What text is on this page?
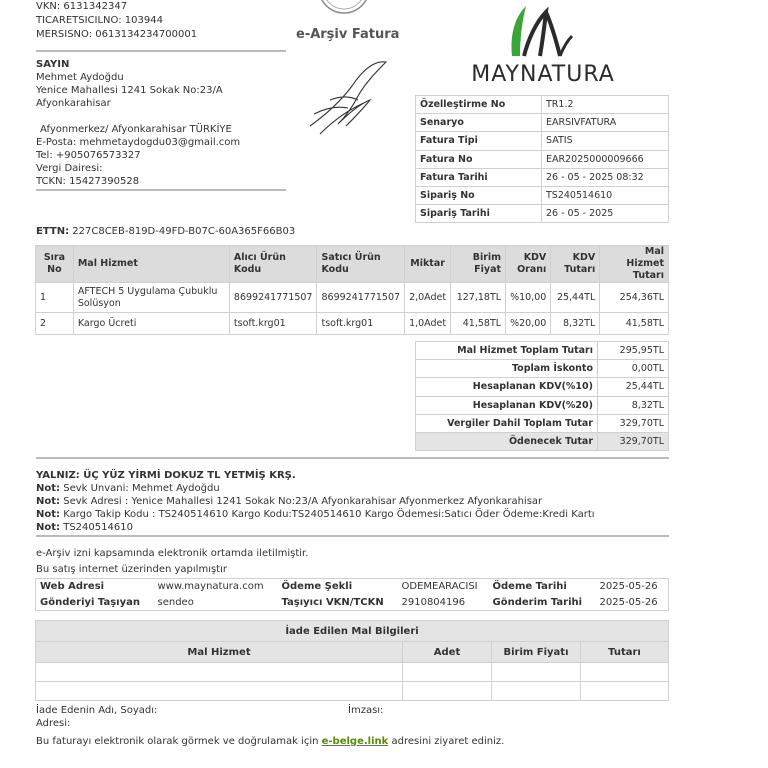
VKN: 6131342347
TICARETSICILNO: 103944
MERSISNO: 0613134234700001	e-Arşiv Fatura
MAYNATURA
SAYIN
Mehmet Aydoğdu
Yenice Mahallesi 1241 Sokak No:23/A
Afyonkarahisar
Afyonmerkez/ Afyonkarahisar TÜRKİYE
E-Posta: mehmetaydogdu03@gmail.com
Tel: +905076573327
Vergi Dairesi:
TCKN: 15427390528
Özelleştirme No	TR1.2
Senaryo	EARSIVFATURA
Fatura Tipi	SATIS
Fatura No	EAR2025000009666
Fatura Tarihi	26 - 05 - 2025 08:32
Sipariş No	TS240514610
Sipariş Tarihi	26 - 05 - 2025
ETTN: 227C8CEB-819D-49FD-B07C-60A365F66B03
Sıra No	Mal Hizmet	Alıcı Ürün Kodu	Satıcı Ürün Kodu	Miktar	Birim Fiyat	KDV Oranı	KDV Tutarı	Mal Hizmet Tutarı
1	AFTECH 5 Uygulama Çubuklu Solüsyon	8699241771507	8699241771507	2,0Adet	127,18TL	%10,00	25,44TL	254,36TL
2	Kargo Ücreti	tsoft.krg01	tsoft.krg01	1,0Adet	41,58TL	%20,00	8,32TL	41,58TL
Mal Hizmet Toplam Tutarı	295,95TL
Toplam İskonto	0,00TL
Hesaplanan KDV(%10)	25,44TL
Hesaplanan KDV(%20)	8,32TL
Vergiler Dahil Toplam Tutar	329,70TL
Ödenecek Tutar	329,70TL
YALNIZ: ÜÇ YÜZ YİRMİ DOKUZ TL YETMİŞ KRŞ.
Not: Sevk Unvani: Mehmet Aydoğdu
Not: Sevk Adresi : Yenice Mahallesi 1241 Sokak No:23/A Afyonkarahisar Afyonmerkez Afyonkarahisar
Not: Kargo Takip Kodu : TS240514610 Kargo Kodu:TS240514610 Kargo Ödemesi:Satıcı Öder Ödeme:Kredi Kartı
Not: TS240514610
e-Arşiv izni kapsamında elektronik ortamda iletilmiştir.
Bu satış internet üzerinden yapılmıştır
Web Adresi	www.maynatura.com	Ödeme Şekli	ODEMEARACISI	Ödeme Tarihi	2025-05-26
Gönderiyi Taşıyan	sendeo	Taşıyıcı VKN/TCKN	2910804196	Gönderim Tarihi	2025-05-26
İade Edilen Mal Bilgileri			
Mal Hizmet	Adet	Birim Fiyatı	Tutarı

İade Edenin Adı, Soyadı:
Adresi:
İmzası:
Bu faturayı elektronik olarak görmek ve doğrulamak için e-belge.link adresini ziyaret ediniz.
